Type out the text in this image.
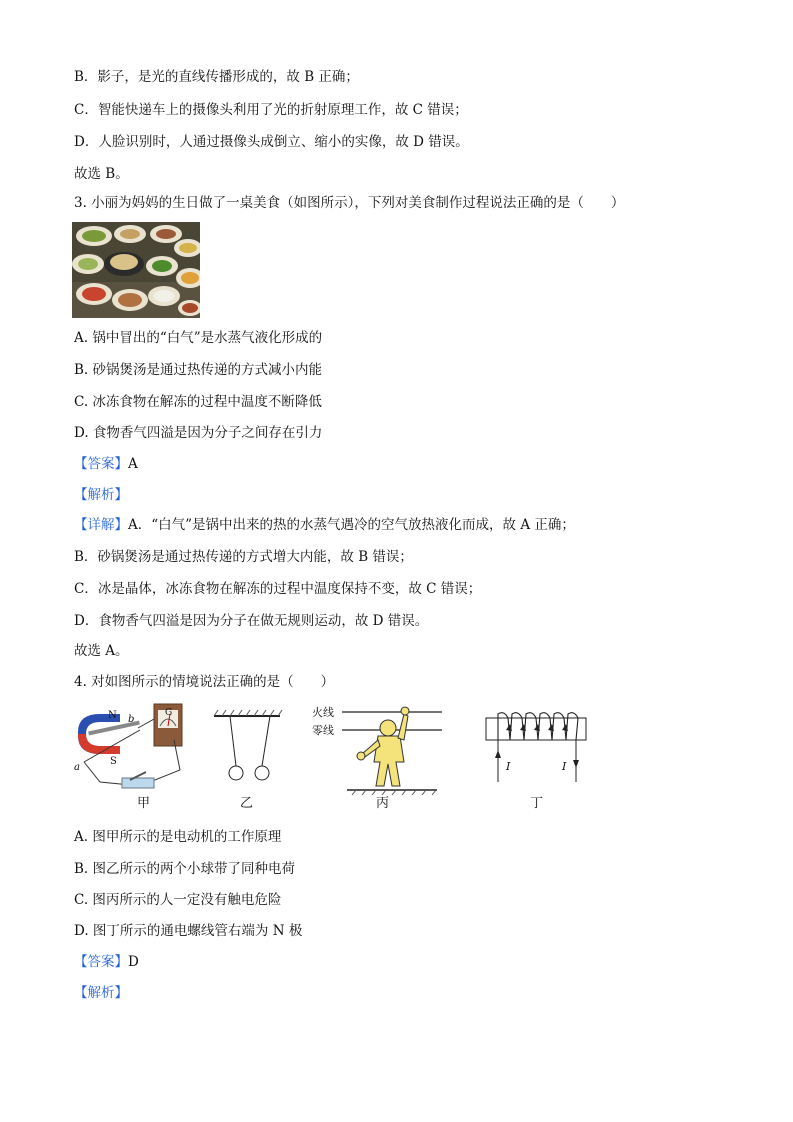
B．影子，是光的直线传播形成的，故 B 正确；
C．智能快递车上的摄像头利用了光的折射原理工作，故 C 错误；
D．人脸识别时，人通过摄像头成倒立、缩小的实像，故 D 错误。
故选 B。
3. 小丽为妈妈的生日做了一桌美食（如图所示），下列对美食制作过程说法正确的是（　　）
A. 锅中冒出的“白气”是水蒸气液化形成的
B. 砂锅煲汤是通过热传递的方式减小内能
C. 冰冻食物在解冻的过程中温度不断降低
D. 食物香气四溢是因为分子之间存在引力
【答案】A
【解析】
【详解】A．“白气”是锅中出来的热的水蒸气遇冷的空气放热液化而成，故 A 正确；
B．砂锅煲汤是通过热传递的方式增大内能，故 B 错误；
C．冰是晶体，冰冻食物在解冻的过程中温度保持不变，故 C 错误；
D．食物香气四溢是因为分子在做无规则运动，故 D 错误。
故选 A。
4. 对如图所示的情境说法正确的是（　　）
N
S
a
b
G
甲	乙
火线
零线
丙
I	I
丁
A. 图甲所示的是电动机的工作原理
B. 图乙所示的两个小球带了同种电荷
C. 图丙所示的人一定没有触电危险
D. 图丁所示的通电螺线管右端为 N 极
【答案】D
【解析】
